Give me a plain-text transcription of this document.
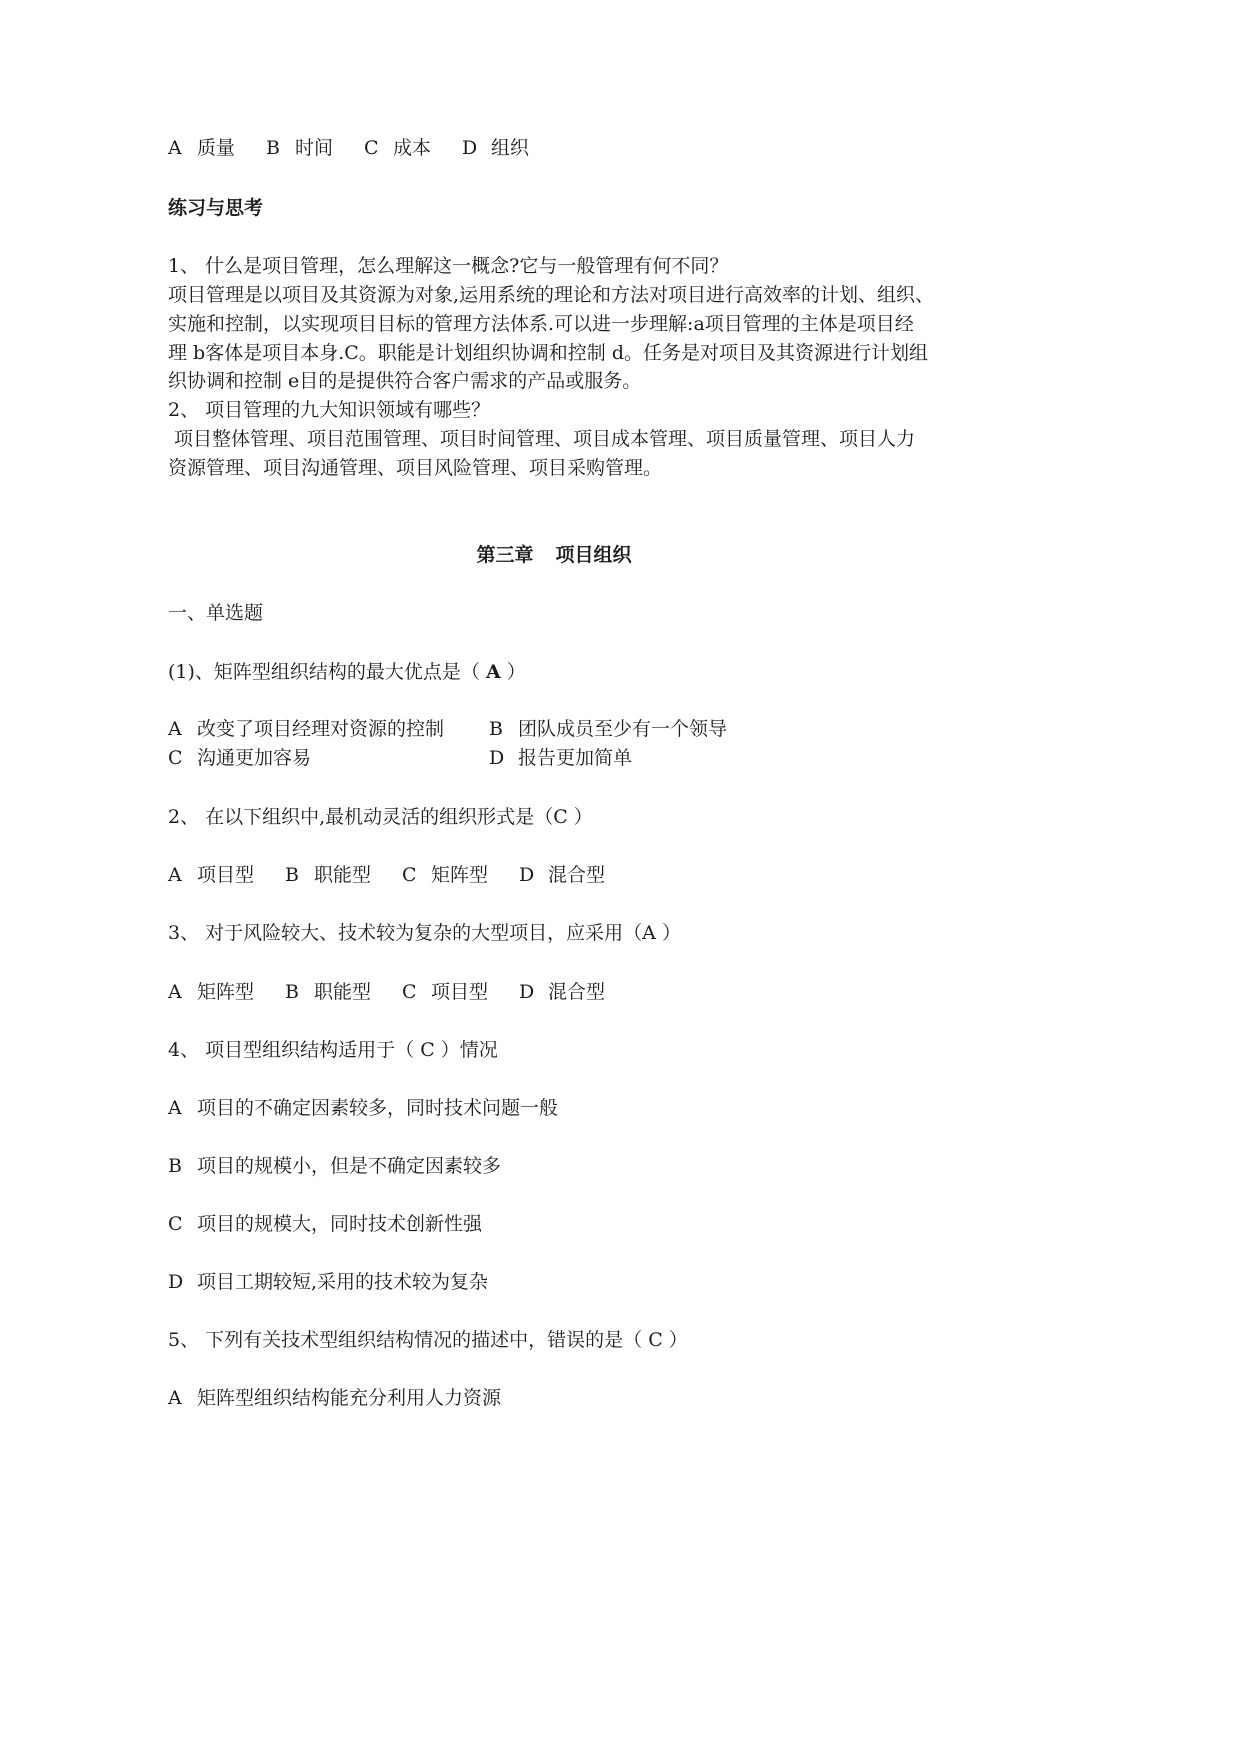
A 质量 B 时间 C 成本 D 组织
练习与思考
1、 什么是项目管理，怎么理解这一概念?它与一般管理有何不同？
项目管理是以项目及其资源为对象,运用系统的理论和方法对项目进行高效率的计划、组织、
实施和控制，以实现项目目标的管理方法体系.可以进一步理解:a项目管理的主体是项目经
理 b客体是项目本身.C。职能是计划组织协调和控制 d。任务是对项目及其资源进行计划组
织协调和控制 e目的是提供符合客户需求的产品或服务。
2、 项目管理的九大知识领域有哪些？
项目整体管理、项目范围管理、项目时间管理、项目成本管理、项目质量管理、项目人力
资源管理、项目沟通管理、项目风险管理、项目采购管理。
第三章 项目组织
一、单选题
(1)、 矩阵型组织结构的最大优点是 （ A ）
A 改变了项目经理对资源的控制 B 团队成员至少有一个领导
C 沟通更加容易	D 报告更加简单
2、 在以下组织中,最机动灵活的组织形式是 （ C ）
A 项目型 B 职能型 C 矩阵型 D 混合型
3、 对于风险较大、技术较为复杂的大型项目，应采用 （ A ）
A 矩阵型 B 职能型 C 项目型 D 混合型
4、 项目型组织结构适用于 （ C ） 情况
A 项目的不确定因素较多，同时技术问题一般
B 项目的规模小，但是不确定因素较多
C 项目的规模大，同时技术创新性强
D 项目工期较短,采用的技术较为复杂
5、 下列有关技术型组织结构情况的描述中，错误的是 （ C ）
A 矩阵型组织结构能充分利用人力资源
